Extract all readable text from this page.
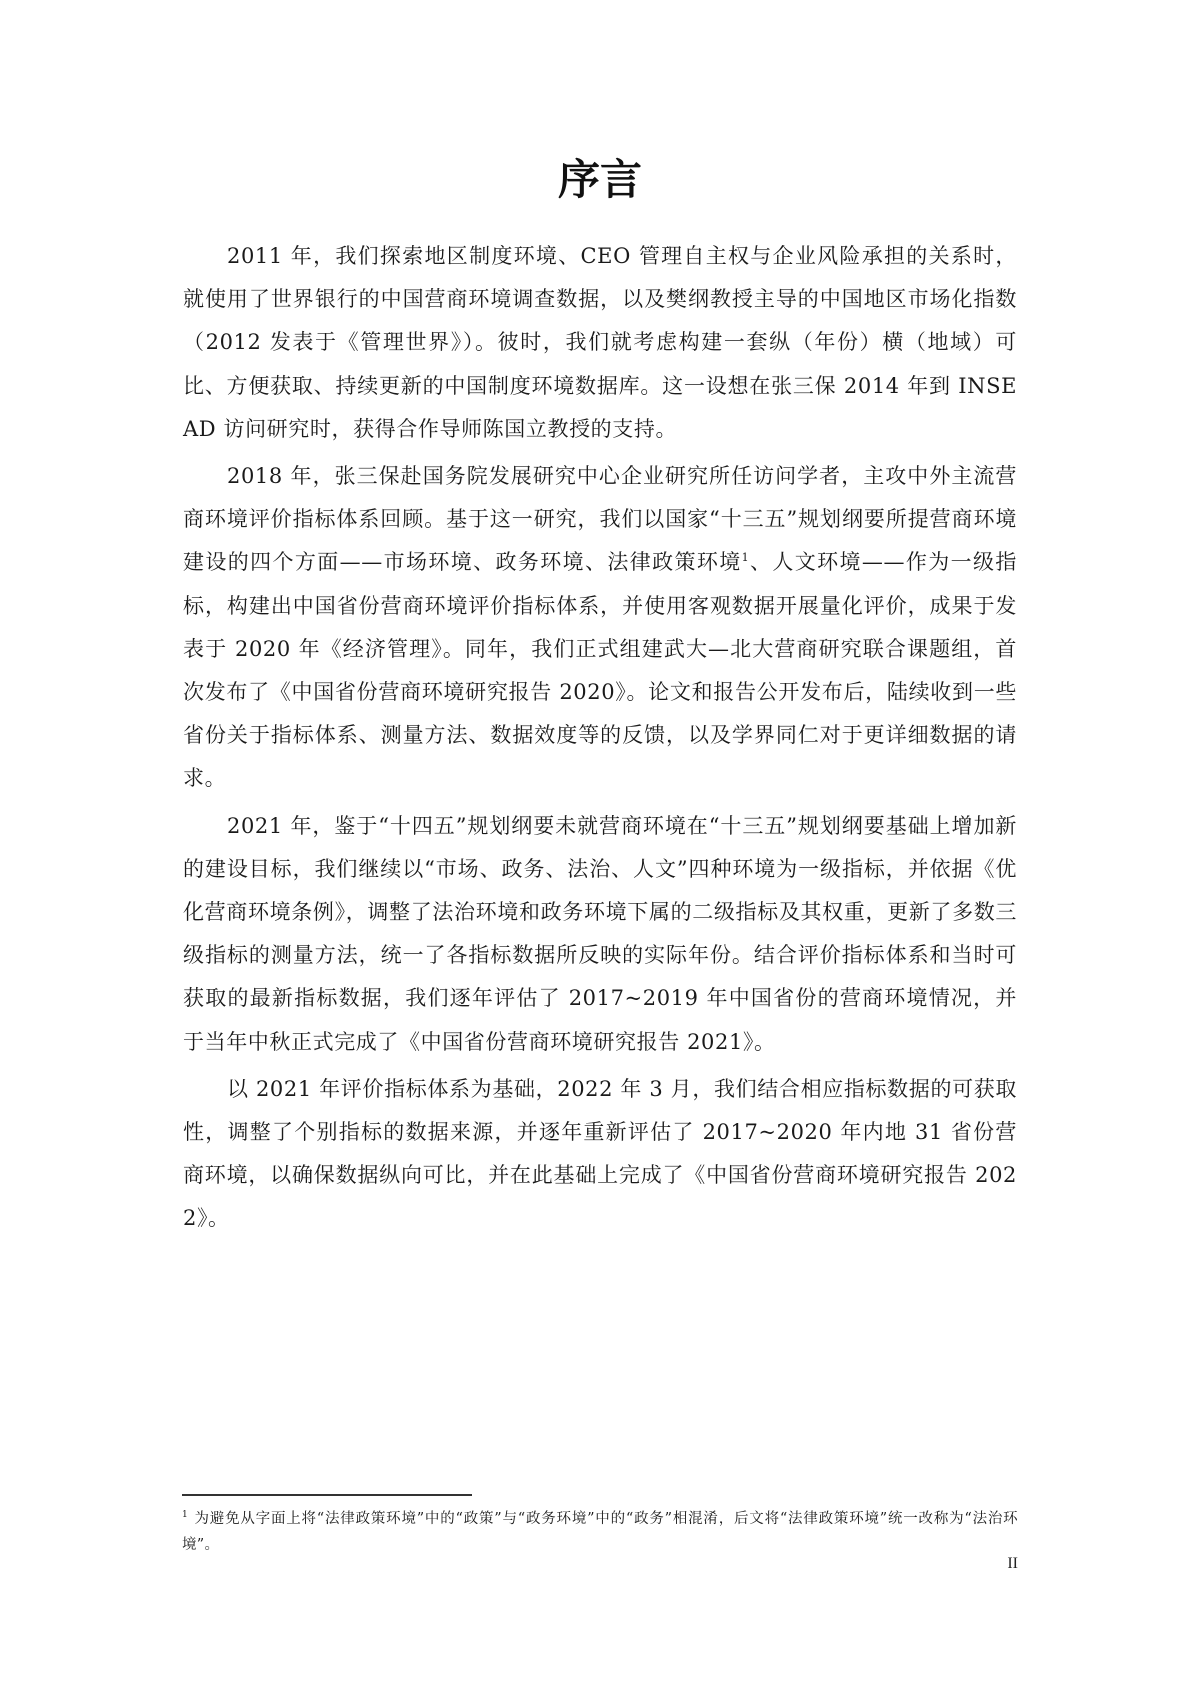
序言

2011 年，我们探索地区制度环境、CEO 管理自主权与企业风险承担的关系时，就使用了世界银行的中国营商环境调查数据，以及樊纲教授主导的中国地区市场化指数（2012 发表于《管理世界》）。彼时，我们就考虑构建一套纵（年份）横（地域）可比、方便获取、持续更新的中国制度环境数据库。这一设想在张三保 2014 年到 INSEAD 访问研究时，获得合作导师陈国立教授的支持。

2018 年，张三保赴国务院发展研究中心企业研究所任访问学者，主攻中外主流营商环境评价指标体系回顾。基于这一研究，我们以国家“十三五”规划纲要所提营商环境建设的四个方面——市场环境、政务环境、法律政策环境$^1$、人文环境——作为一级指标，构建出中国省份营商环境评价指标体系，并使用客观数据开展量化评价，成果于发表于 2020 年《经济管理》。同年，我们正式组建武大—北大营商研究联合课题组，首次发布了《中国省份营商环境研究报告 2020》。论文和报告公开发布后，陆续收到一些省份关于指标体系、测量方法、数据效度等的反馈，以及学界同仁对于更详细数据的请求。

2021 年，鉴于“十四五”规划纲要未就营商环境在“十三五”规划纲要基础上增加新的建设目标，我们继续以“市场、政务、法治、人文”四种环境为一级指标，并依据《优化营商环境条例》，调整了法治环境和政务环境下属的二级指标及其权重，更新了多数三级指标的测量方法，统一了各指标数据所反映的实际年份。结合评价指标体系和当时可获取的最新指标数据，我们逐年评估了 2017~2019 年中国省份的营商环境情况，并于当年中秋正式完成了《中国省份营商环境研究报告 2021》。

以 2021 年评价指标体系为基础，2022 年 3 月，我们结合相应指标数据的可获取性，调整了个别指标的数据来源，并逐年重新评估了 2017~2020 年内地 31 省份营商环境，以确保数据纵向可比，并在此基础上完成了《中国省份营商环境研究报告 2022》。

$^1$ 为避免从字面上将“法律政策环境”中的“政策”与“政务环境”中的“政务”相混淆，后文将“法律政策环境”统一改称为“法治环境”。
II
